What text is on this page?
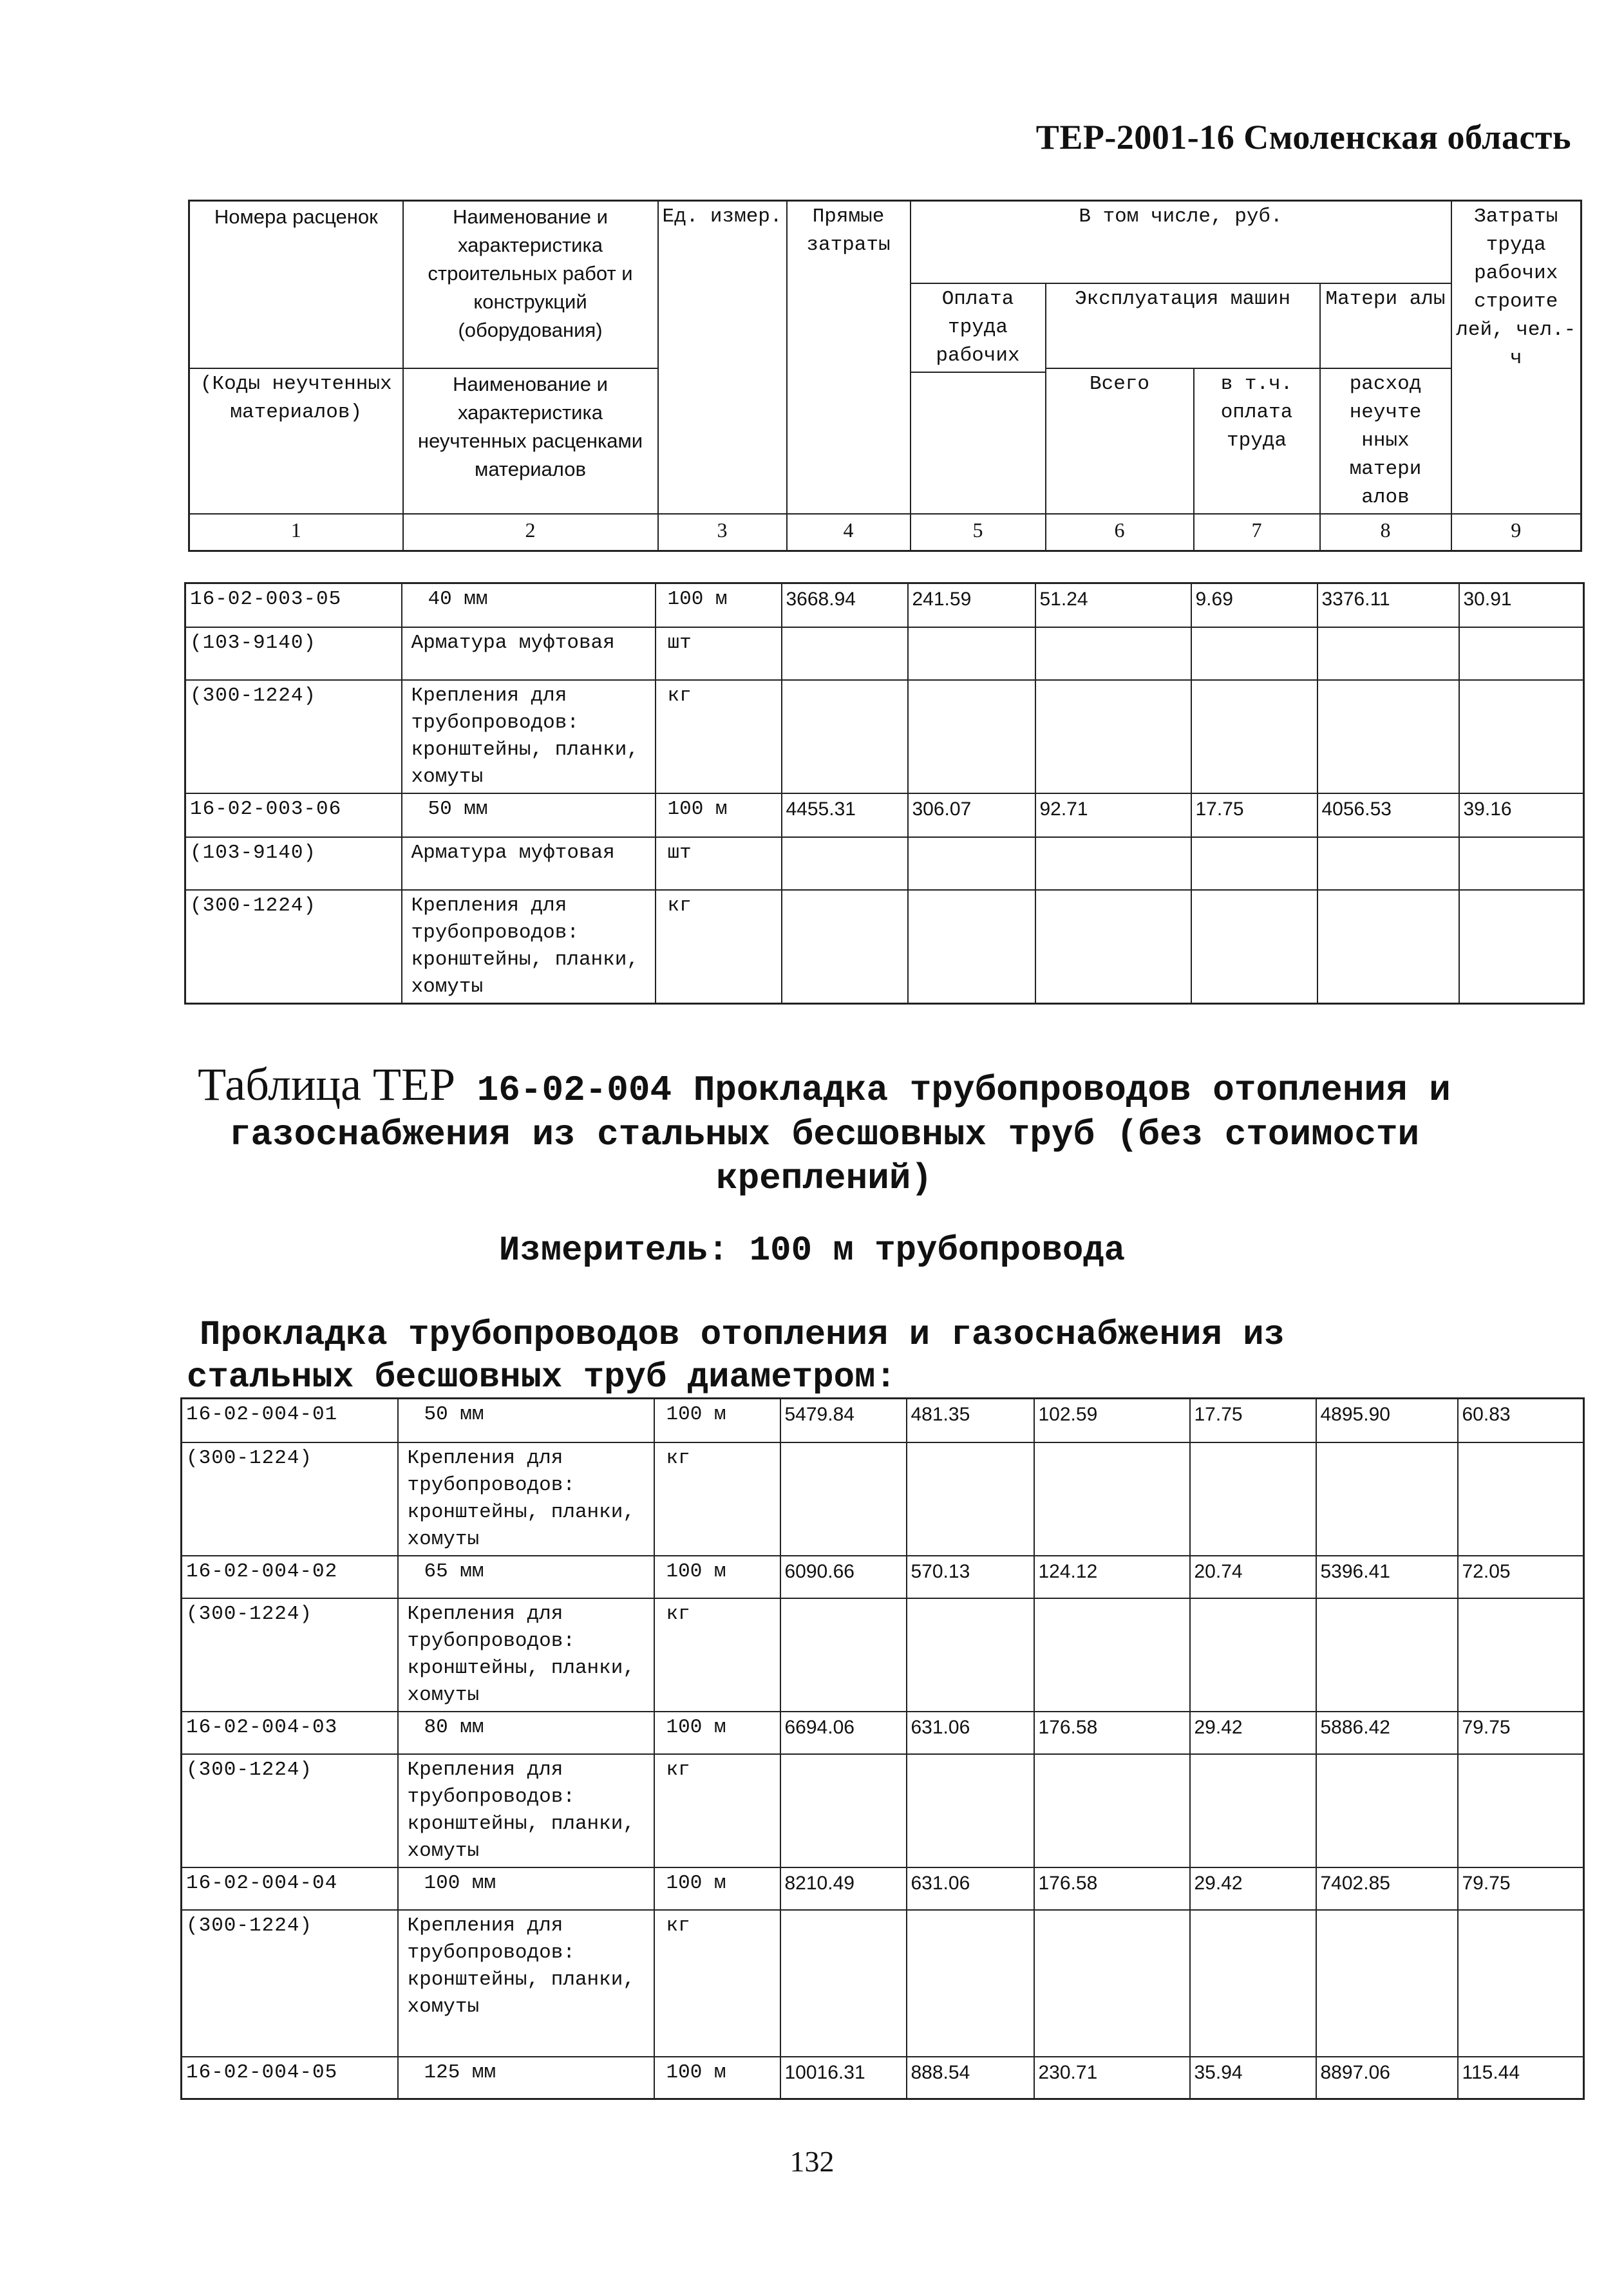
ТЕР-2001-16 Смоленская область
Номера расценок	Наименование и характеристика строительных работ и конструкций (оборудования)	Ед. измер.	Прямые затраты	В том числе, руб.				Затраты труда рабочих строите лей, чел.-ч
				Оплата труда рабочих	Эксплуатация машин		Матери алы	
(Коды неучтенных материалов)	Наименование и характеристика неучтенных расценками материалов				Всего	в т.ч. оплата труда	расход неучте нных матери алов	

1	2	3	4	5	6	7	8	9
16-02-003-05	40 мм	100 м	3668.94	241.59	51.24	9.69	3376.11	30.91
(103-9140)	Арматура муфтовая	шт						
(300-1224)	Крепления для трубопроводов: кронштейны, планки, хомуты	кг						
16-02-003-06	50 мм	100 м	4455.31	306.07	92.71	17.75	4056.53	39.16
(103-9140)	Арматура муфтовая	шт						
(300-1224)	Крепления для трубопроводов: кронштейны, планки, хомуты	кг						
Таблица ТЕР 16-02-004 Прокладка трубопроводов отопления и
газоснабжения из стальных бесшовных труб (без стоимости
креплений)
Измеритель: 100 м трубопровода
Прокладка трубопроводов отопления и газоснабжения из
стальных бесшовных труб диаметром:
16-02-004-01	50 мм	100 м	5479.84	481.35	102.59	17.75	4895.90	60.83
(300-1224)	Крепления для трубопроводов: кронштейны, планки, хомуты	кг						
16-02-004-02	65 мм	100 м	6090.66	570.13	124.12	20.74	5396.41	72.05
(300-1224)	Крепления для трубопроводов: кронштейны, планки, хомуты	кг						
16-02-004-03	80 мм	100 м	6694.06	631.06	176.58	29.42	5886.42	79.75
(300-1224)	Крепления для трубопроводов: кронштейны, планки, хомуты	кг						
16-02-004-04	100 мм	100 м	8210.49	631.06	176.58	29.42	7402.85	79.75
(300-1224)	Крепления для трубопроводов: кронштейны, планки, хомуты	кг						
16-02-004-05	125 мм	100 м	10016.31	888.54	230.71	35.94	8897.06	115.44
132
